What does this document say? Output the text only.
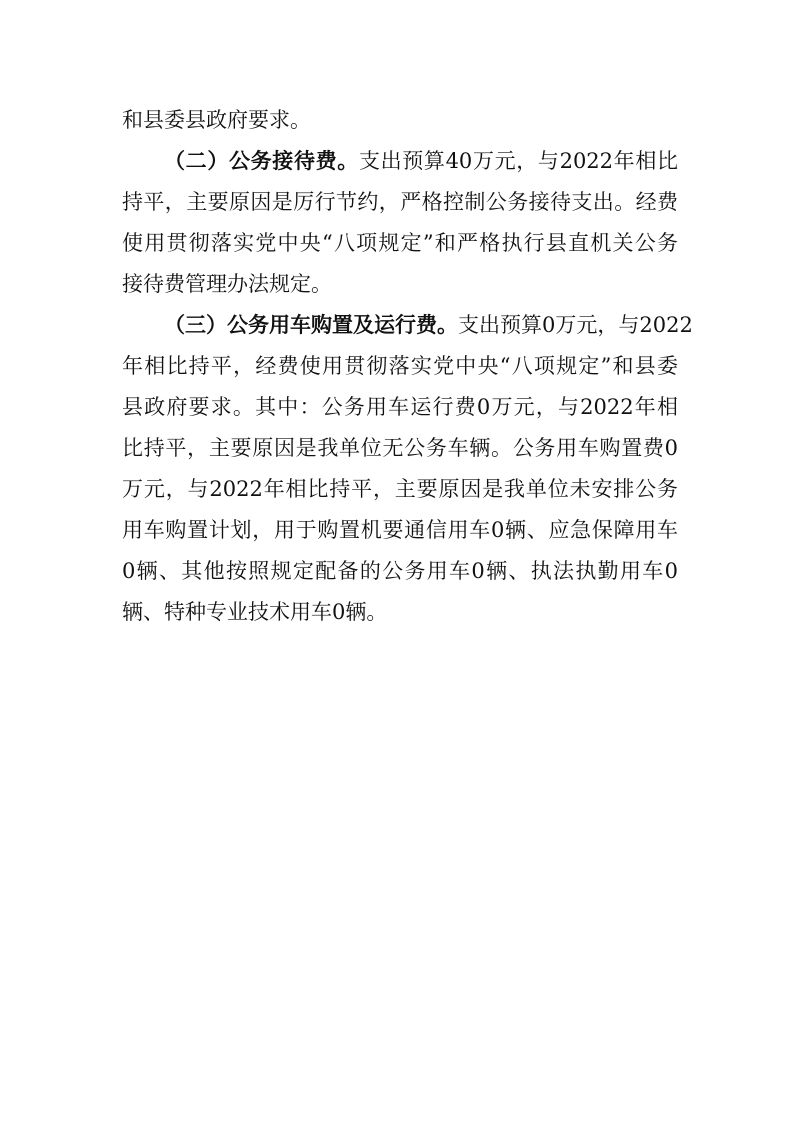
和县委县政府要求。
（二）公务接待费。支出预算40万元，与2022年相比
持平，主要原因是厉行节约，严格控制公务接待支出。经费
使用贯彻落实党中央“八项规定”和严格执行县直机关公务
接待费管理办法规定。
（三）公务用车购置及运行费。支出预算0万元，与2022
年相比持平，经费使用贯彻落实党中央“八项规定”和县委
县政府要求。其中：公务用车运行费0万元，与2022年相
比持平，主要原因是我单位无公务车辆。公务用车购置费0
万元，与2022年相比持平，主要原因是我单位未安排公务
用车购置计划，用于购置机要通信用车0辆、应急保障用车
0辆、其他按照规定配备的公务用车0辆、执法执勤用车0
辆、特种专业技术用车0辆。
